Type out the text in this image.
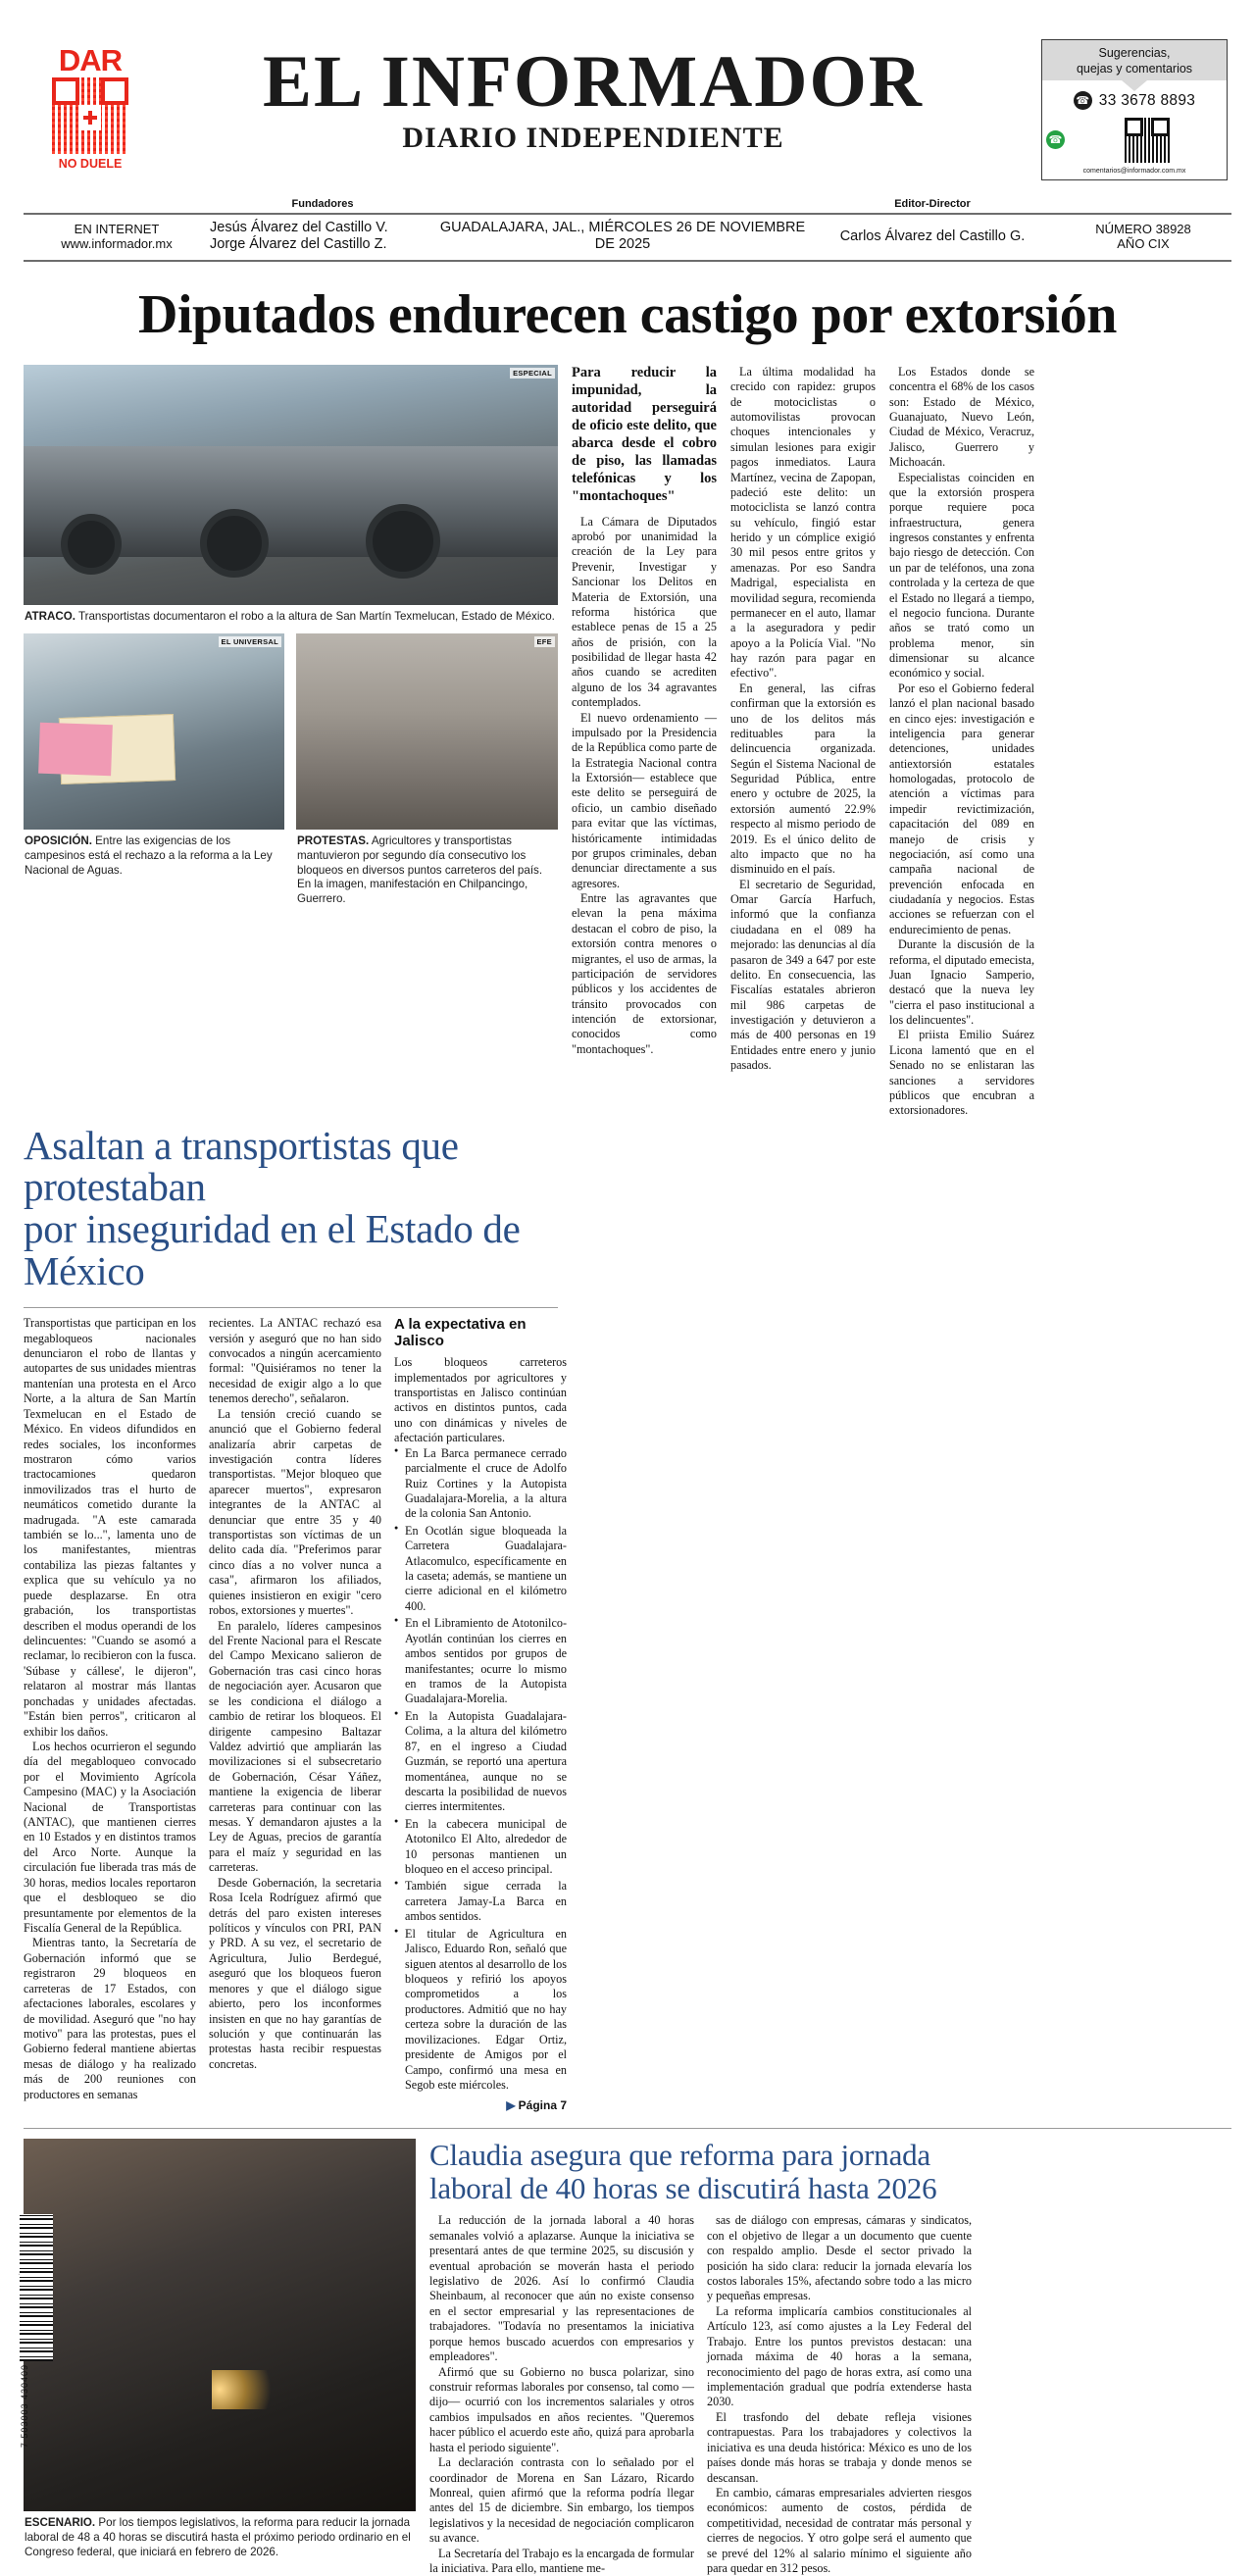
DAR
NO DUELE
EL INFORMADOR
DIARIO INDEPENDIENTE
Sugerencias,
quejas y comentarios
☎ 33 3678 8893
☎
comentarios@informador.com.mx
Fundadores	Editor-Director
EN INTERNET
www.informador.mx
Jesús Álvarez del Castillo V.
Jorge Álvarez del Castillo Z.
GUADALAJARA, JAL., MIÉRCOLES 26 DE NOVIEMBRE DE 2025
Carlos Álvarez del Castillo G.	NÚMERO 38928
AÑO CIX
Diputados endurecen castigo por extorsión
ESPECIAL
ATRACO. Transportistas documentaron el robo a la altura de San Martín Texmelucan, Estado de México.
EL UNIVERSAL
OPOSICIÓN. Entre las exigencias de los campesinos está el rechazo a la reforma a la Ley Nacional de Aguas.
EFE
PROTESTAS. Agricultores y transportistas mantuvieron por segundo día consecutivo los bloqueos en diversos puntos carreteros del país. En la imagen, manifestación en Chilpancingo, Guerrero.
Para reducir la impunidad, la autoridad perseguirá de oficio este delito, que abarca desde el cobro de piso, las llamadas telefónicas y los "montachoques"

La Cámara de Diputados aprobó por unanimidad la creación de la Ley para Prevenir, Investigar y Sancionar los Delitos en Materia de Extorsión, una reforma histórica que establece penas de 15 a 25 años de prisión, con la posibilidad de llegar hasta 42 años cuando se acrediten alguno de los 34 agravantes contemplados.

El nuevo ordenamiento —impulsado por la Presidencia de la República como parte de la Estrategia Nacional contra la Extorsión— establece que este delito se perseguirá de oficio, un cambio diseñado para evitar que las víctimas, históricamente intimidadas por grupos criminales, deban denunciar directamente a sus agresores.

Entre las agravantes que elevan la pena máxima destacan el cobro de piso, la extorsión contra menores o migrantes, el uso de armas, la participación de servidores públicos y los accidentes de tránsito provocados con intención de extorsionar, conocidos como "montachoques".

La última modalidad ha crecido con rapidez: grupos de motociclistas o automovilistas provocan choques intencionales y simulan lesiones para exigir pagos inmediatos. Laura Martínez, vecina de Zapopan, padeció este delito: un motociclista se lanzó contra su vehículo, fingió estar herido y un cómplice exigió 30 mil pesos entre gritos y amenazas. Por eso Sandra Madrigal, especialista en movilidad segura, recomienda permanecer en el auto, llamar a la aseguradora y pedir apoyo a la Policía Vial. "No hay razón para pagar en efectivo".

En general, las cifras confirman que la extorsión es uno de los delitos más redituables para la delincuencia organizada. Según el Sistema Nacional de Seguridad Pública, entre enero y octubre de 2025, la extorsión aumentó 22.9% respecto al mismo periodo de 2019. Es el único delito de alto impacto que no ha disminuido en el país.

El secretario de Seguridad, Omar García Harfuch, informó que la confianza ciudadana en el 089 ha mejorado: las denuncias al día pasaron de 349 a 647 por este delito. En consecuencia, las Fiscalías estatales abrieron mil 986 carpetas de investigación y detuvieron a más de 400 personas en 19 Entidades entre enero y junio pasados.

Los Estados donde se concentra el 68% de los casos son: Estado de México, Guanajuato, Nuevo León, Ciudad de México, Veracruz, Jalisco, Guerrero y Michoacán.

Especialistas coinciden en que la extorsión prospera porque requiere poca infraestructura, genera ingresos constantes y enfrenta bajo riesgo de detección. Con un par de teléfonos, una zona controlada y la certeza de que el Estado no llegará a tiempo, el negocio funciona. Durante años se trató como un problema menor, sin dimensionar su alcance económico y social.

Por eso el Gobierno federal lanzó el plan nacional basado en cinco ejes: investigación e inteligencia para generar detenciones, unidades antiextorsión estatales homologadas, protocolo de atención a víctimas para impedir revictimización, capacitación del 089 en manejo de crisis y negociación, así como una campaña nacional de prevención enfocada en ciudadanía y negocios. Estas acciones se refuerzan con el endurecimiento de penas.

Durante la discusión de la reforma, el diputado emecista, Juan Ignacio Samperio, destacó que la nueva ley "cierra el paso institucional a los delincuentes".

El priista Emilio Suárez Licona lamentó que en el Senado no se enlistaran las sanciones a servidores públicos que encubran a extorsionadores.

Asaltan a transportistas que protestaban
por inseguridad en el Estado de México

Transportistas que participan en los megabloqueos nacionales denunciaron el robo de llantas y autopartes de sus unidades mientras mantenían una protesta en el Arco Norte, a la altura de San Martín Texmelucan en el Estado de México. En videos difundidos en redes sociales, los inconformes mostraron cómo varios tractocamiones quedaron inmovilizados tras el hurto de neumáticos cometido durante la madrugada. "A este camarada también se lo...", lamenta uno de los manifestantes, mientras contabiliza las piezas faltantes y explica que su vehículo ya no puede desplazarse. En otra grabación, los transportistas describen el modus operandi de los delincuentes: "Cuando se asomó a reclamar, lo recibieron con la fusca. 'Súbase y cállese', le dijeron", relataron al mostrar más llantas ponchadas y unidades afectadas. "Están bien perros", criticaron al exhibir los daños.

Los hechos ocurrieron el segundo día del megabloqueo convocado por el Movimiento Agrícola Campesino (MAC) y la Asociación Nacional de Transportistas (ANTAC), que mantienen cierres en 10 Estados y en distintos tramos del Arco Norte. Aunque la circulación fue liberada tras más de 30 horas, medios locales reportaron que el desbloqueo se dio presuntamente por elementos de la Fiscalía General de la República.

Mientras tanto, la Secretaría de Gobernación informó que se registraron 29 bloqueos en carreteras de 17 Estados, con afectaciones laborales, escolares y de movilidad. Aseguró que "no hay motivo" para las protestas, pues el Gobierno federal mantiene abiertas mesas de diálogo y ha realizado más de 200 reuniones con productores en semanas

recientes. La ANTAC rechazó esa versión y aseguró que no han sido convocados a ningún acercamiento formal: "Quisiéramos no tener la necesidad de exigir algo a lo que tenemos derecho", señalaron.

La tensión creció cuando se anunció que el Gobierno federal analizaría abrir carpetas de investigación contra líderes transportistas. "Mejor bloqueo que aparecer muertos", expresaron integrantes de la ANTAC al denunciar que entre 35 y 40 transportistas son víctimas de un delito cada día. "Preferimos parar cinco días a no volver nunca a casa", afirmaron los afiliados, quienes insistieron en exigir "cero robos, extorsiones y muertes".

En paralelo, líderes campesinos del Frente Nacional para el Rescate del Campo Mexicano salieron de Gobernación tras casi cinco horas de negociación ayer. Acusaron que se les condiciona el diálogo a cambio de retirar los bloqueos. El dirigente campesino Baltazar Valdez advirtió que ampliarán las movilizaciones si el subsecretario de Gobernación, César Yáñez, mantiene la exigencia de liberar carreteras para continuar con las mesas. Y demandaron ajustes a la Ley de Aguas, precios de garantía para el maíz y seguridad en las carreteras.

Desde Gobernación, la secretaria Rosa Icela Rodríguez afirmó que detrás del paro existen intereses políticos y vínculos con PRI, PAN y PRD. A su vez, el secretario de Agricultura, Julio Berdegué, aseguró que los bloqueos fueron menores y que el diálogo sigue abierto, pero los inconformes insisten en que no hay garantías de solución y que continuarán las protestas hasta recibir respuestas concretas.

A la expectativa en Jalisco

Los bloqueos carreteros implementados por agricultores y transportistas en Jalisco continúan activos en distintos puntos, cada uno con dinámicas y niveles de afectación particulares.

● En La Barca permanece cerrado parcialmente el cruce de Adolfo Ruiz Cortines y la Autopista Guadalajara-Morelia, a la altura de la colonia San Antonio.
● En Ocotlán sigue bloqueada la Carretera Guadalajara-Atlacomulco, específicamente en la caseta; además, se mantiene un cierre adicional en el kilómetro 400.
● En el Libramiento de Atotonilco-Ayotlán continúan los cierres en ambos sentidos por grupos de manifestantes; ocurre lo mismo en tramos de la Autopista Guadalajara-Morelia.
● En la Autopista Guadalajara-Colima, a la altura del kilómetro 87, en el ingreso a Ciudad Guzmán, se reportó una apertura momentánea, aunque no se descarta la posibilidad de nuevos cierres intermitentes.
● En la cabecera municipal de Atotonilco El Alto, alrededor de 10 personas mantienen un bloqueo en el acceso principal.
● También sigue cerrada la carretera Jamay-La Barca en ambos sentidos.
● El titular de Agricultura en Jalisco, Eduardo Ron, señaló que siguen atentos al desarrollo de los bloqueos y refirió los apoyos comprometidos a los productores. Admitió que no hay certeza sobre la duración de las movilizaciones. Edgar Ortiz, presidente de Amigos por el Campo, confirmó una mesa en Segob este miércoles.
▶ Página 7
ESCENARIO. Por los tiempos legislativos, la reforma para reducir la jornada laboral de 48 a 40 horas se discutirá hasta el próximo periodo ordinario en el Congreso federal, que iniciará en febrero de 2026.
Claudia asegura que reforma para jornada
laboral de 40 horas se discutirá hasta 2026

La reducción de la jornada laboral a 40 horas semanales volvió a aplazarse. Aunque la iniciativa se presentará antes de que termine 2025, su discusión y eventual aprobación se moverán hasta el periodo legislativo de 2026. Así lo confirmó Claudia Sheinbaum, al reconocer que aún no existe consenso en el sector empresarial y las representaciones de trabajadores. "Todavía no presentamos la iniciativa porque hemos buscado acuerdos con empresarios y empleadores".

Afirmó que su Gobierno no busca polarizar, sino construir reformas laborales por consenso, tal como —dijo— ocurrió con los incrementos salariales y otros cambios impulsados en años recientes. "Queremos hacer público el acuerdo este año, quizá para aprobarla hasta el periodo siguiente".

La declaración contrasta con lo señalado por el coordinador de Morena en San Lázaro, Ricardo Monreal, quien afirmó que la reforma podría llegar antes del 15 de diciembre. Sin embargo, los tiempos legislativos y la necesidad de negociación complicaron su avance.

La Secretaría del Trabajo es la encargada de formular la iniciativa. Para ello, mantiene me-

sas de diálogo con empresas, cámaras y sindicatos, con el objetivo de llegar a un documento que cuente con respaldo amplio. Desde el sector privado la posición ha sido clara: reducir la jornada elevaría los costos laborales 15%, afectando sobre todo a las micro y pequeñas empresas.

La reforma implicaría cambios constitucionales al Artículo 123, así como ajustes a la Ley Federal del Trabajo. Entre los puntos previstos destacan: una jornada máxima de 40 horas a la semana, reconocimiento del pago de horas extra, así como una implementación gradual que podría extenderse hasta 2030.

El trasfondo del debate refleja visiones contrapuestas. Para los trabajadores y colectivos la iniciativa es una deuda histórica: México es uno de los países donde más horas se trabaja y donde menos se descansan.

En cambio, cámaras empresariales advierten riesgos económicos: aumento de costos, pérdida de competitividad, necesidad de contratar más personal y cierres de negocios. Y otro golpe será el aumento que se prevé del 12% al salario mínimo el siguiente año para quedar en 312 pesos.

7 503003 430409
